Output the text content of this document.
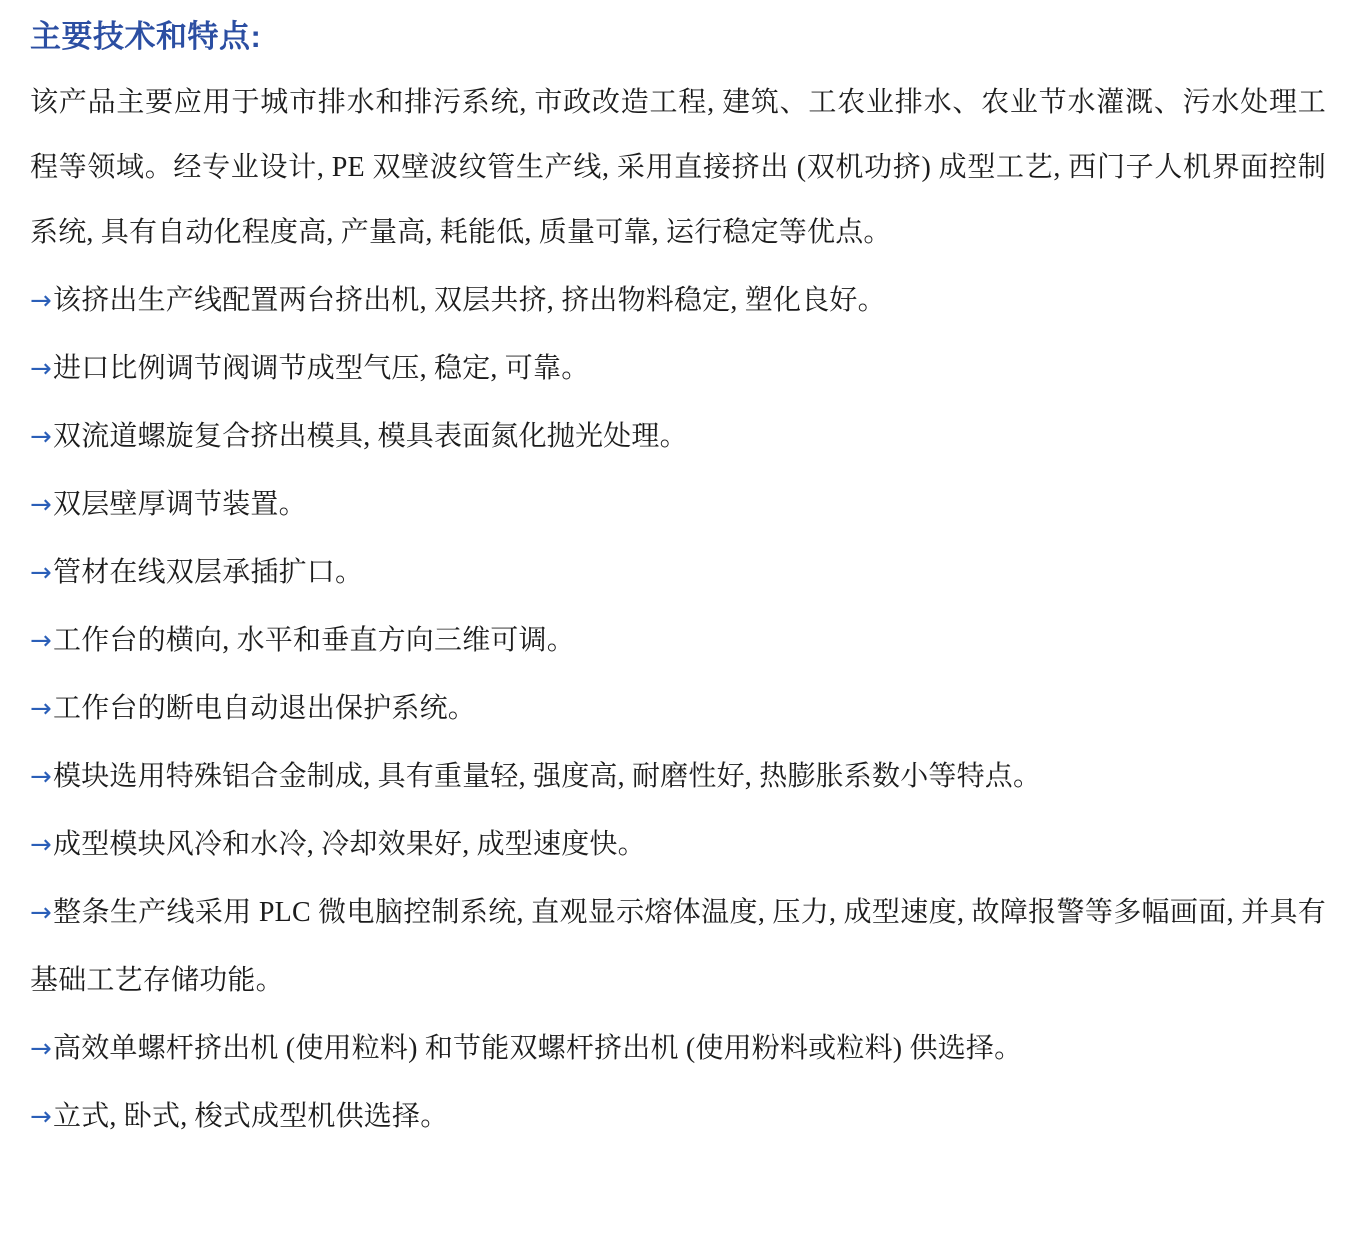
主要技术和特点:

该产品主要应用于城市排水和排污系统, 市政改造工程, 建筑、工农业排水、农业节水灌溉、污水处理工程等领域。经专业设计, PE 双壁波纹管生产线, 采用直接挤出 (双机功挤) 成型工艺, 西门子人机界面控制系统, 具有自动化程度高, 产量高, 耗能低, 质量可靠, 运行稳定等优点。

→该挤出生产线配置两台挤出机, 双层共挤, 挤出物料稳定, 塑化良好。
→进口比例调节阀调节成型气压, 稳定, 可靠。
→双流道螺旋复合挤出模具, 模具表面氮化抛光处理。
→双层壁厚调节装置。
→管材在线双层承插扩口。
→工作台的横向, 水平和垂直方向三维可调。
→工作台的断电自动退出保护系统。
→模块选用特殊铝合金制成, 具有重量轻, 强度高, 耐磨性好, 热膨胀系数小等特点。
→成型模块风冷和水冷, 冷却效果好, 成型速度快。
→整条生产线采用 PLC 微电脑控制系统, 直观显示熔体温度, 压力, 成型速度, 故障报警等多幅画面, 并具有基础工艺存储功能。
→高效单螺杆挤出机 (使用粒料) 和节能双螺杆挤出机 (使用粉料或粒料) 供选择。
→立式, 卧式, 梭式成型机供选择。
